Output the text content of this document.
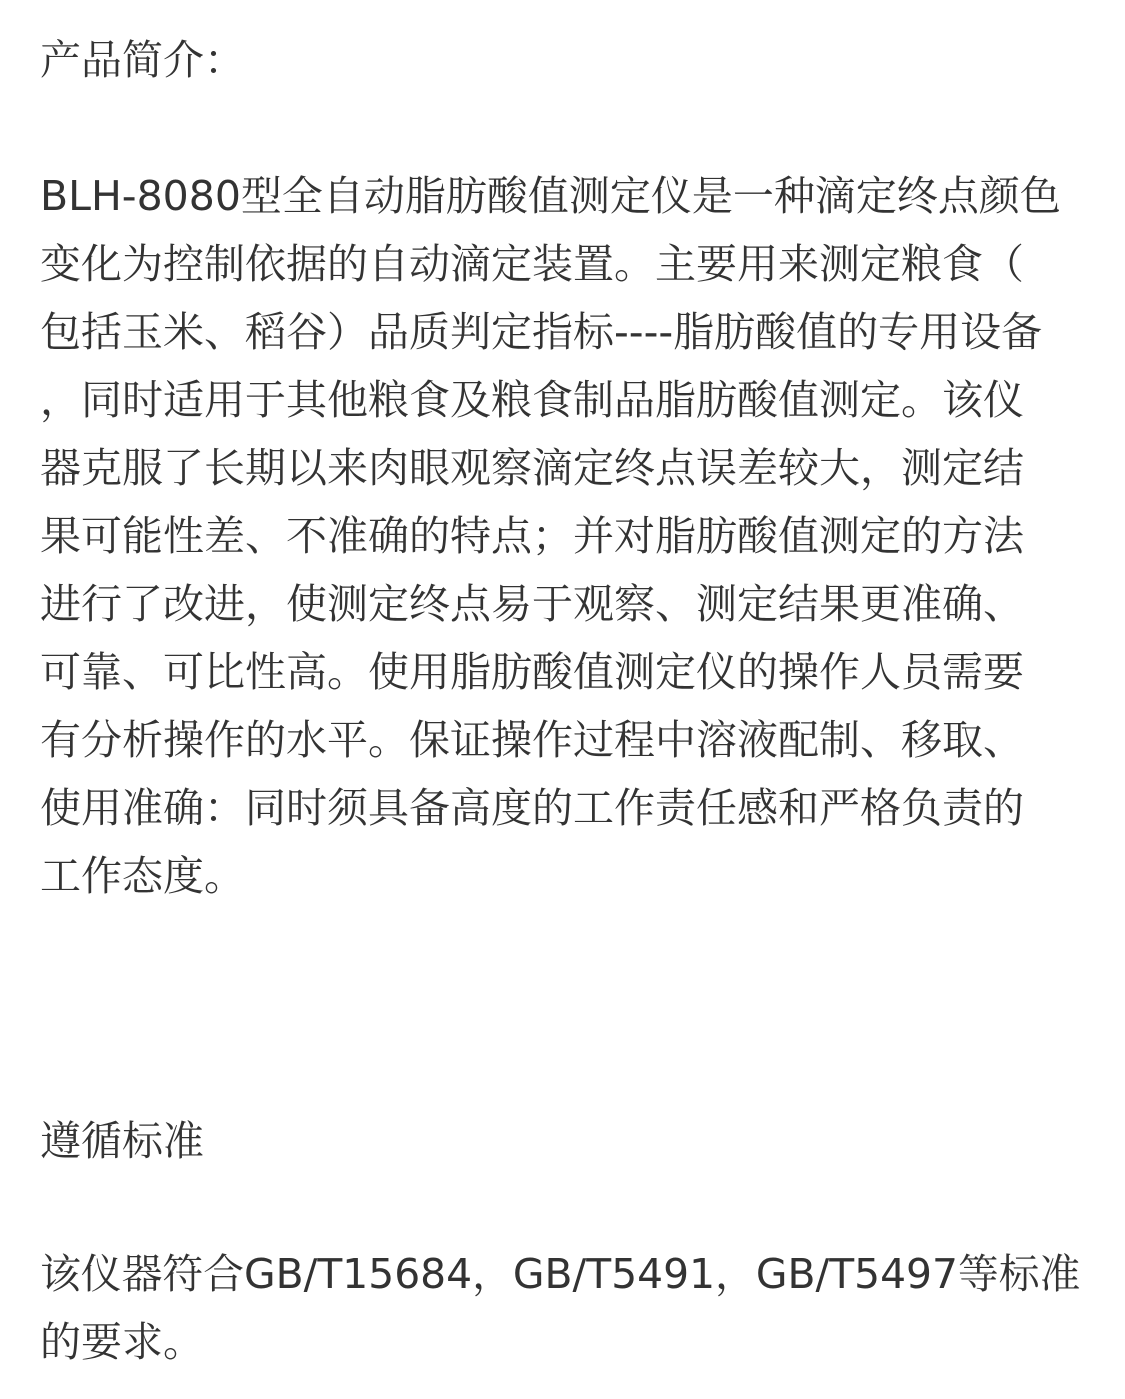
产品简介：
BLH-8080型全自动脂肪酸值测定仪是一种滴定终点颜色
变化为控制依据的自动滴定装置。主要用来测定粮食（
包括玉米、稻谷）品质判定指标----脂肪酸值的专用设备
，同时适用于其他粮食及粮食制品脂肪酸值测定。该仪
器克服了长期以来肉眼观察滴定终点误差较大，测定结
果可能性差、不准确的特点；并对脂肪酸值测定的方法
进行了改进，使测定终点易于观察、测定结果更准确、
可靠、可比性高。使用脂肪酸值测定仪的操作人员需要
有分析操作的水平。保证操作过程中溶液配制、移取、
使用准确：同时须具备高度的工作责任感和严格负责的
工作态度。
遵循标准
该仪器符合GB/T15684，GB/T5491，GB/T5497等标准
的要求。
